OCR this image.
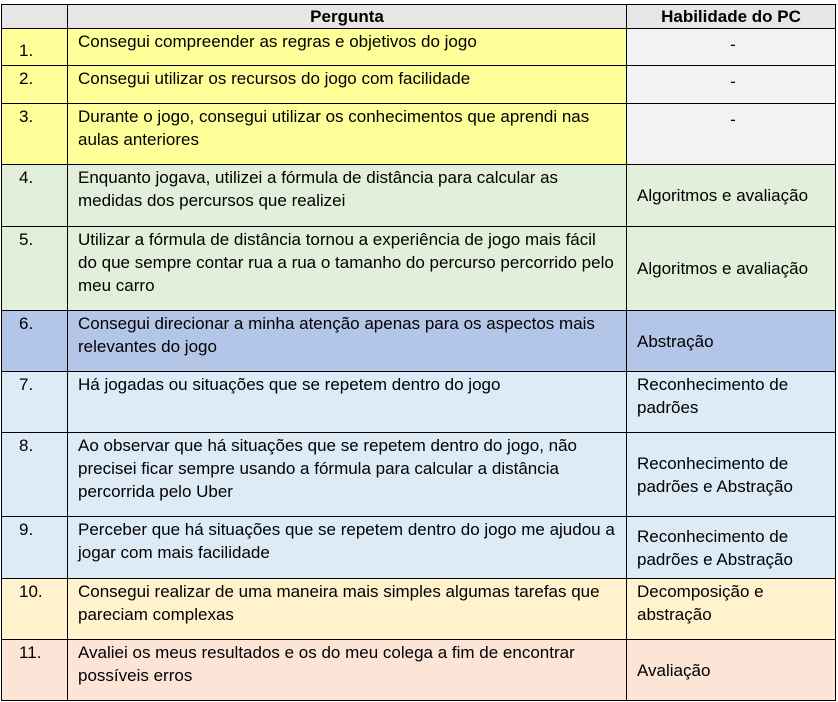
	Pergunta	Habilidade do PC

1.	Consegui compreender as regras e objetivos do jogo	-

2.	Consegui utilizar os recursos do jogo com facilidade	-

3.	Durante o jogo, consegui utilizar os conhecimentos que aprendi nas aulas anteriores	-

4.	Enquanto jogava, utilizei a fórmula de distância para calcular as medidas dos percursos que realizei	Algoritmos e avaliação

5.	Utilizar a fórmula de distância tornou a experiência de jogo mais fácil do que sempre contar rua a rua o tamanho do percurso percorrido pelo meu carro	Algoritmos e avaliação

6.	Consegui direcionar a minha atenção apenas para os aspectos mais relevantes do jogo	Abstração

7.	Há jogadas ou situações que se repetem dentro do jogo	Reconhecimento de padrões

8.	Ao observar que há situações que se repetem dentro do jogo, não precisei ficar sempre usando a fórmula para calcular a distância percorrida pelo Uber	Reconhecimento de padrões e Abstração

9.	Perceber que há situações que se repetem dentro do jogo me ajudou a jogar com mais facilidade	Reconhecimento de padrões e Abstração

10.	Consegui realizar de uma maneira mais simples algumas tarefas que pareciam complexas	Decomposição e abstração

11.	Avaliei os meus resultados e os do meu colega a fim de encontrar possíveis erros	Avaliação
